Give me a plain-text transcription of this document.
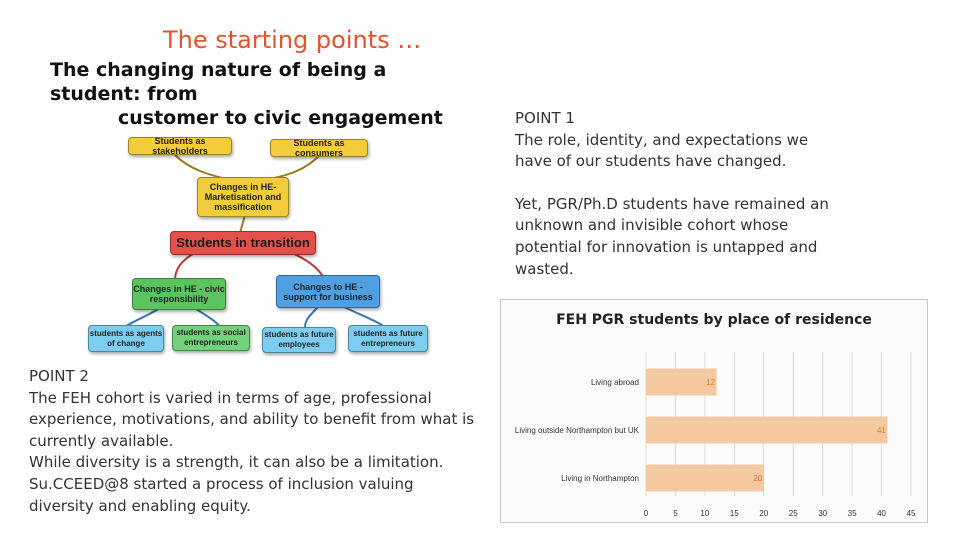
The starting points …
The changing nature of being a student: from
customer to civic engagement
Students as stakeholders
Students as consumers
Changes in HE- Marketisation and massification
Students in transition
Changes in HE - civic responsibility
Changes to HE - support for business
students as agents of change
students as social entrepreneurs
students as future employees
students as future entrepreneurs

POINT 1

The role, identity, and expectations we have of our students have changed.

Yet, PGR/Ph.D students have remained an unknown and invisible cohort whose potential for innovation is untapped and wasted.

POINT 2

The FEH cohort is varied in terms of age, professional experience, motivations, and ability to benefit from what is currently available.

While diversity is a strength, it can also be a limitation.

Su.CCEED@8 started a process of inclusion valuing diversity and enabling equity.

FEH PGR students by place of residence
0	5	10	15	20	25	30	35	40	45
Living abroad	12
Living outside Northampton but UK	41
Living in Northampton	20
